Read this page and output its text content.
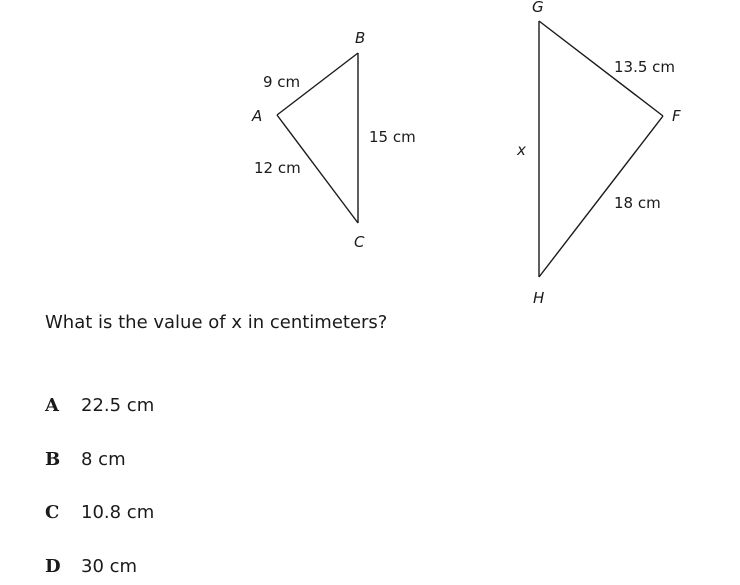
B
A
C
9 cm
12 cm
15 cm
G
F
H
13.5 cm
18 cm
x
What is the value of x in centimeters?
A	22.5 cm
B	8 cm
C	10.8 cm
D	30 cm
